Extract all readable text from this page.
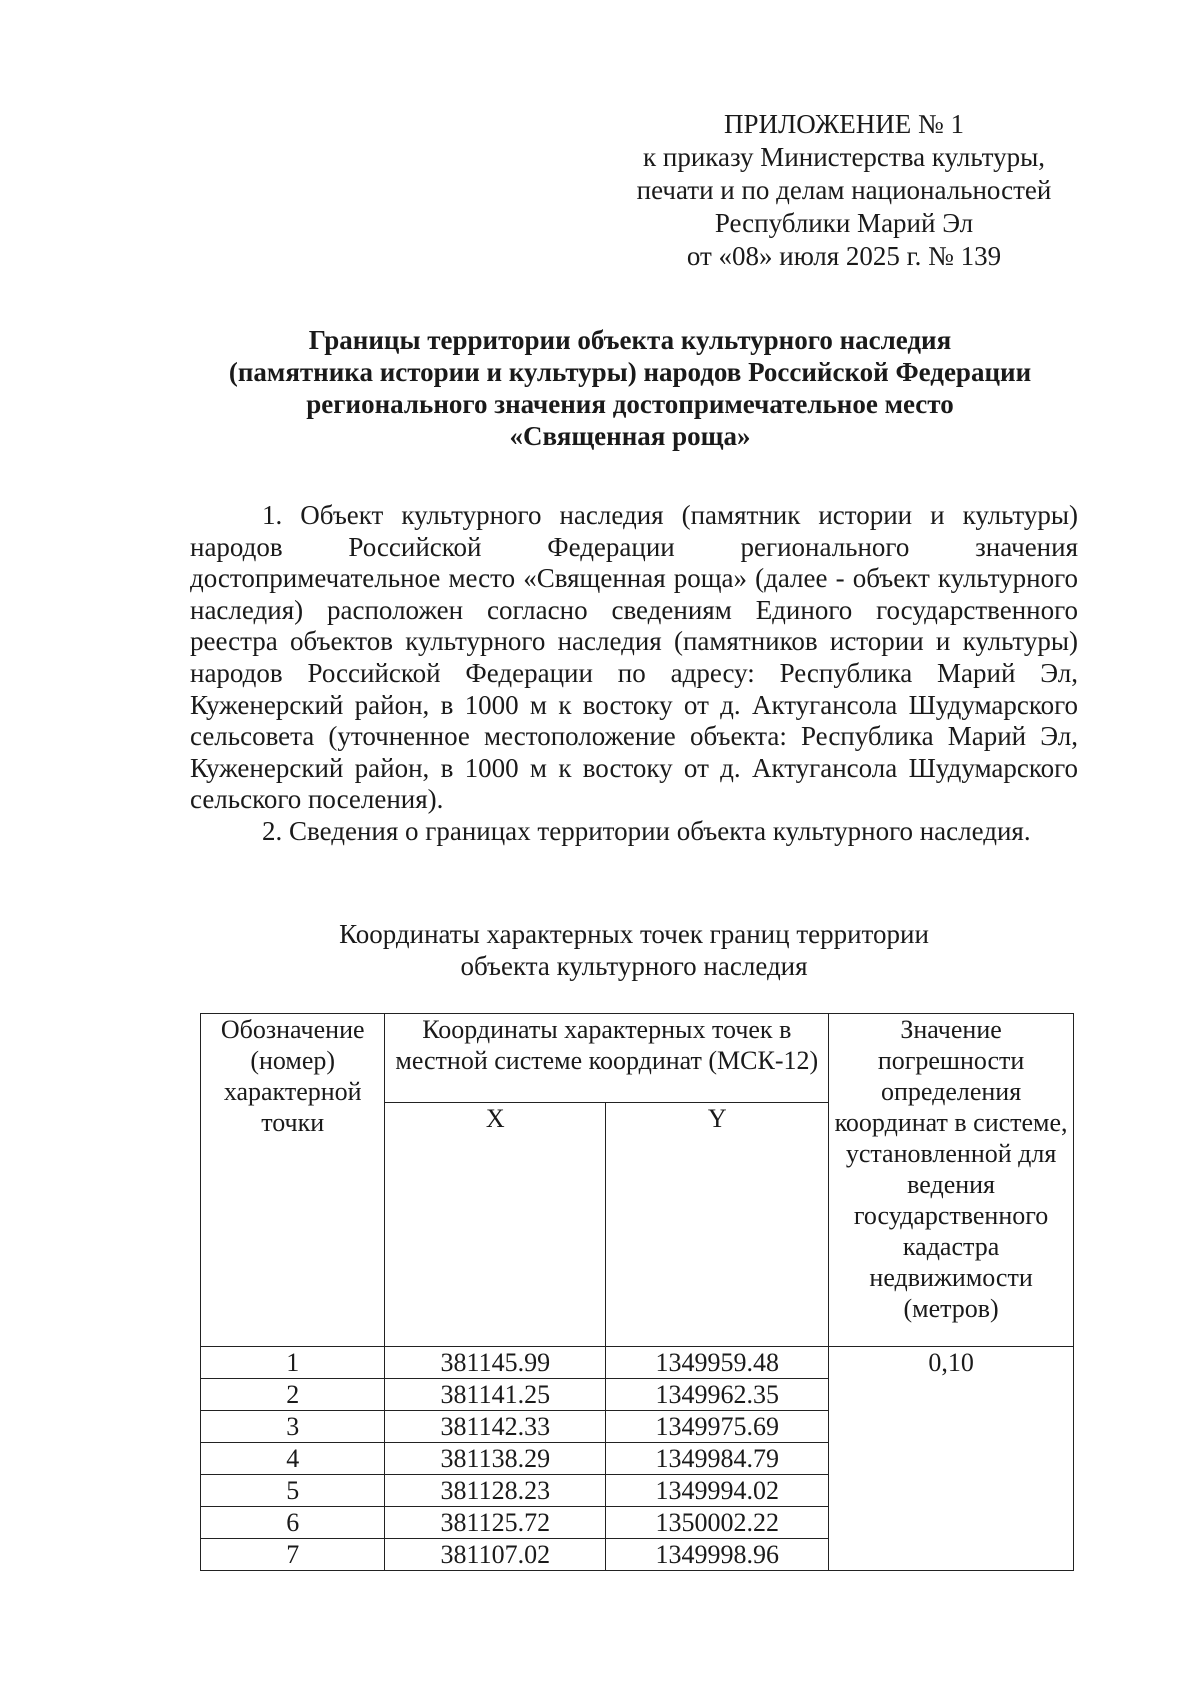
ПРИЛОЖЕНИЕ № 1
к приказу Министерства культуры,
печати и по делам национальностей
Республики Марий Эл
от «08» июля 2025 г. № 139
Границы территории объекта культурного наследия
(памятника истории и культуры) народов Российской Федерации
регионального значения достопримечательное место
«Священная роща»

1. Объект культурного наследия (памятник истории и культуры) народов Российской Федерации регионального значения достопримечательное место «Священная роща» (далее - объект культурного наследия) расположен согласно сведениям Единого государственного реестра объектов культурного наследия (памятников истории и культуры) народов Российской Федерации по адресу: Республика Марий Эл, Куженерский район, в 1000 м к востоку от д. Актугансола Шудумарского сельсовета (уточненное местоположение объекта: Республика Марий Эл, Куженерский район, в 1000 м к востоку от д. Актугансола Шудумарского сельского поселения).

2. Сведения о границах территории объекта культурного наследия.

Координаты характерных точек границ территории
объекта культурного наследия
Обозначение (номер) характерной точки	Координаты характерных точек в местной системе координат (МСК-12)		Значение погрешности определения координат в системе, установленной для ведения государственного кадастра недвижимости (метров)
	X	Y	
1	381145.99	1349959.48	0,10
2	381141.25	1349962.35	
3	381142.33	1349975.69	
4	381138.29	1349984.79	
5	381128.23	1349994.02	
6	381125.72	1350002.22	
7	381107.02	1349998.96	
